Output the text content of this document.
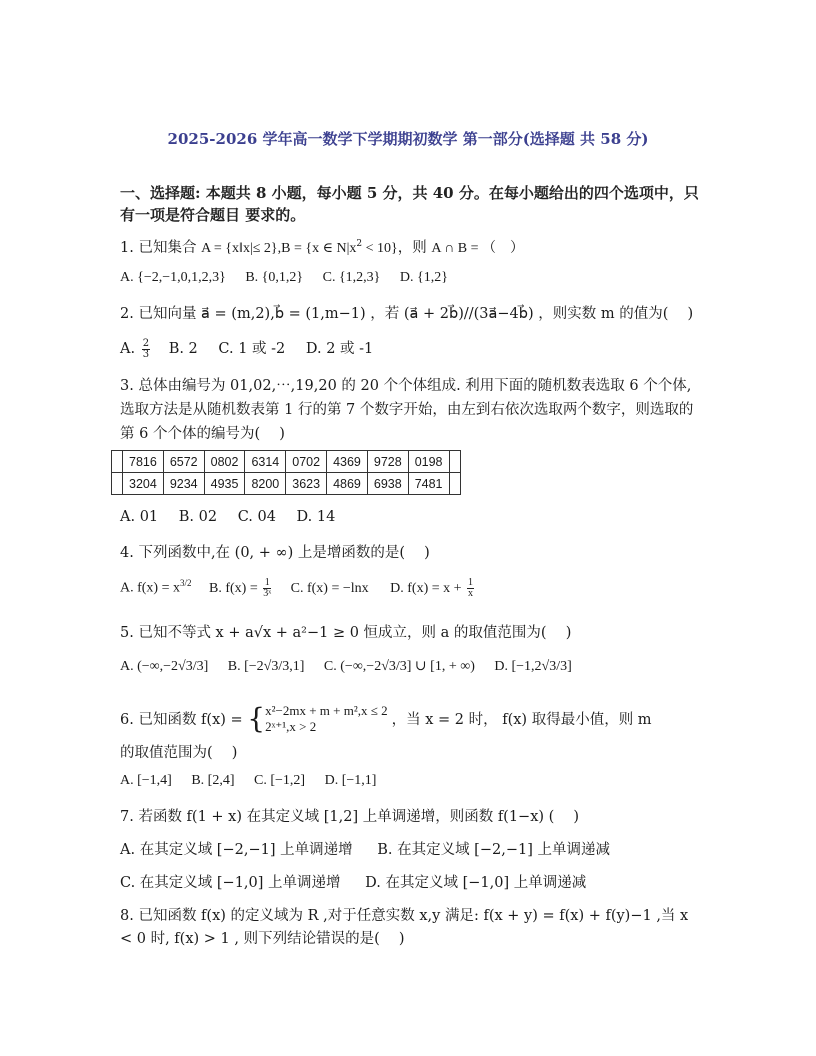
2025-2026 学年高一数学下学期期初数学 第一部分(选择题 共 58 分)
一、选择题: 本题共 8 小题，每小题 5 分，共 40 分。在每小题给出的四个选项中，只有一项是符合题目 要求的。
1. 已知集合 A = {x‖x|≤ 2},B = {x ∈ $N|x^2 < 10$}，则 A ∩ B = （　）
A. {−2,−1,0,1,2,3} B. {0,1,2} C. {1,2,3} D. {1,2}
2. 已知向量 a⃗ = (m,2),b⃗ = (1,m−1) ，若 (a⃗ + 2b⃗)//(3a⃗−4b⃗) ，则实数 m 的值为(　 )
A. $\frac{2}{3} B$. 2 C. 1 或 -2 D. 2 或 -1
3. 总体由编号为 01,02,⋯,19,20 的 20 个个体组成. 利用下面的随机数表选取 6 个个体,选取方法是从随机数表第 1 行的第 7 个数字开始，由左到右依次选取两个数字，则选取的第 6 个个体的编号为(　 )
	7816	6572	0802	6314	0702	4369	9728	0198	
	3204	9234	4935	8200	3623	4869	6938	7481	
A. 01 B. 02 C. 04 D. 14
4. 下列函数中,在 (0, + ∞) 上是增函数的是(　 )
A. $f(x) = x^{3/2}$ B. $f(x) = \frac{1}{\text{3ˣ}} C$. f(x) = −lnx D. $f(x) = x + \frac{1}{x}$
5. 已知不等式 x + a√x + a²−1 ≥ 0 恒成立，则 a 的取值范围为(　 )
A. (−∞,−2√3/3] B. [−2√3/3,1] C. (−∞,−2√3/3] ∪ [1, + ∞) D. [−1,2√3/3]
6. 已知函数 f(x) = { x²−2mx + m + m²,x ≤ 2
2ˣ⁺¹,x > 2	，当 x = 2 时， f(x) 取得最小值，则 m
的取值范围为(　 )
A. [−1,4] B. [2,4] C. [−1,2] D. [−1,1]
7. 若函数 f(1 + x) 在其定义域 [1,2] 上单调递增，则函数 f(1−x) (　 )
A. 在其定义域 [−2,−1] 上单调递增 B. 在其定义域 [−2,−1] 上单调递减
C. 在其定义域 [−1,0] 上单调递增 D. 在其定义域 [−1,0] 上单调递减
8. 已知函数 f(x) 的定义域为 R ,对于任意实数 x,y 满足: f(x + y) = f(x) + f(y)−1 ,当 x
< 0 时, f(x) > 1 , 则下列结论错误的是(　 )
